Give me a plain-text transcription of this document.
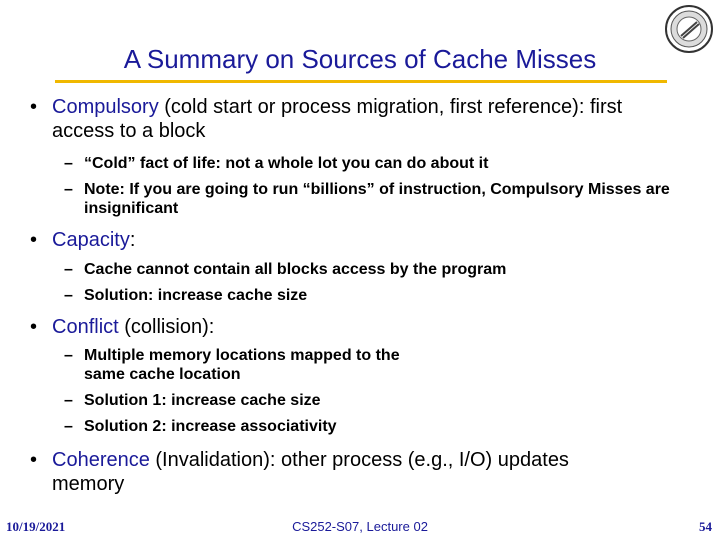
A Summary on Sources of Cache Misses
• Compulsory (cold start or process migration, first reference): first access to a block
– “Cold” fact of life: not a whole lot you can do about it
– Note: If you are going to run “billions” of instruction, Compulsory Misses are insignificant
• Capacity:
– Cache cannot contain all blocks access by the program
– Solution: increase cache size
• Conflict (collision):
– Multiple memory locations mapped to the same cache location
– Solution 1: increase cache size
– Solution 2: increase associativity
• Coherence (Invalidation): other process (e.g., I/O) updates memory
CS252-S07, Lecture 02
10/19/2021	54
